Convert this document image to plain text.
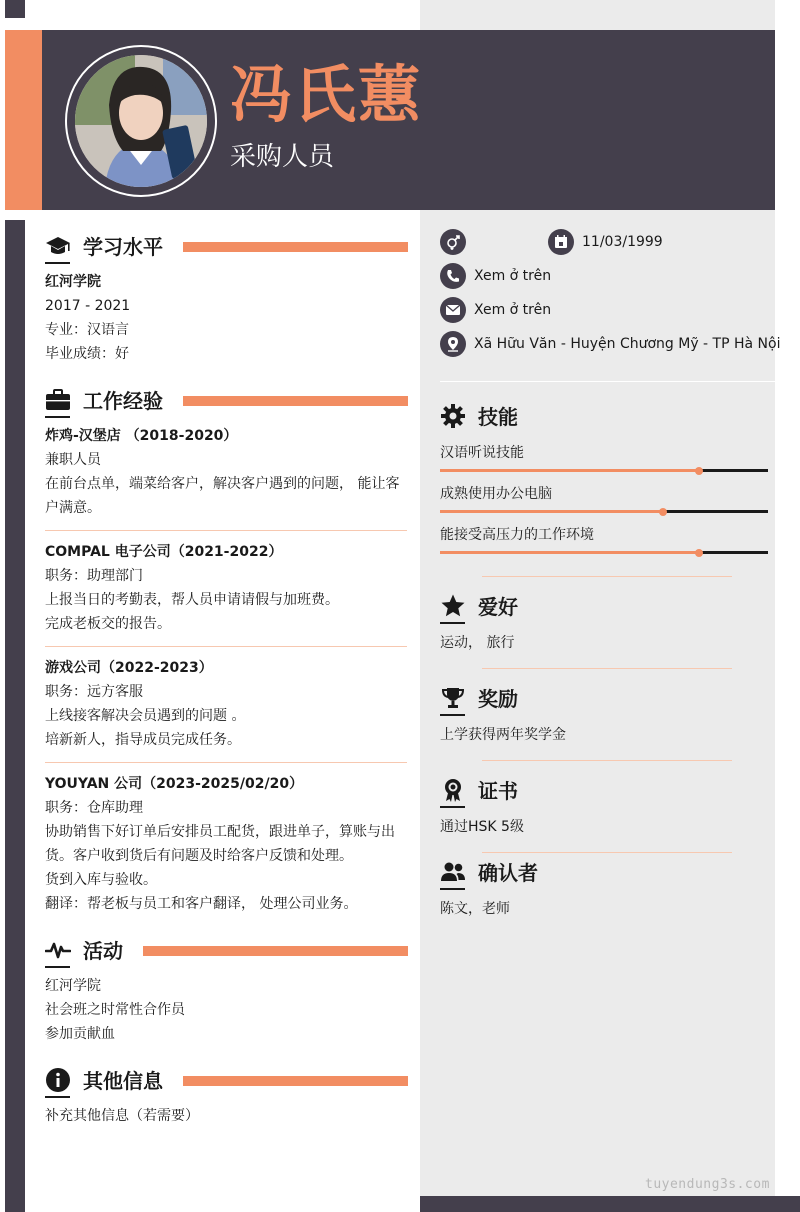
冯氏蕙
采购人员
学习水平
红河学院
2017 - 2021
专业：汉语言
毕业成绩：好
工作经验
炸鸡-汉堡店 （2018-2020）
兼职人员
在前台点单，端菜给客户，解决客户遇到的问题， 能让客
户满意。
COMPAL 电子公司（2021-2022）
职务：助理部门
上报当日的考勤表，帮人员申请请假与加班费。
完成老板交的报告。
游戏公司（2022-2023）
职务：远方客服
上线接客解决会员遇到的问题 。
培新新人，指导成员完成任务。
YOUYAN 公司（2023-2025/02/20）
职务：仓库助理
协助销售下好订单后安排员工配货，跟进单子，算账与出
货。客户收到货后有问题及时给客户反馈和处理。
货到入库与验收。
翻译：帮老板与员工和客户翻译， 处理公司业务。
活动
红河学院
社会班之时常性合作员
参加贡献血
其他信息
补充其他信息（若需要）
11/03/1999
Xem ở trên
Xem ở trên
Xã Hữu Văn - Huyện Chương Mỹ - TP Hà Nội
技能
汉语听说技能
成熟使用办公电脑
能接受高压力的工作环境
爱好
运动， 旅行
奖励
上学获得两年奖学金
证书
通过HSK 5级
确认者
陈文，老师
tuyendung3s.com
